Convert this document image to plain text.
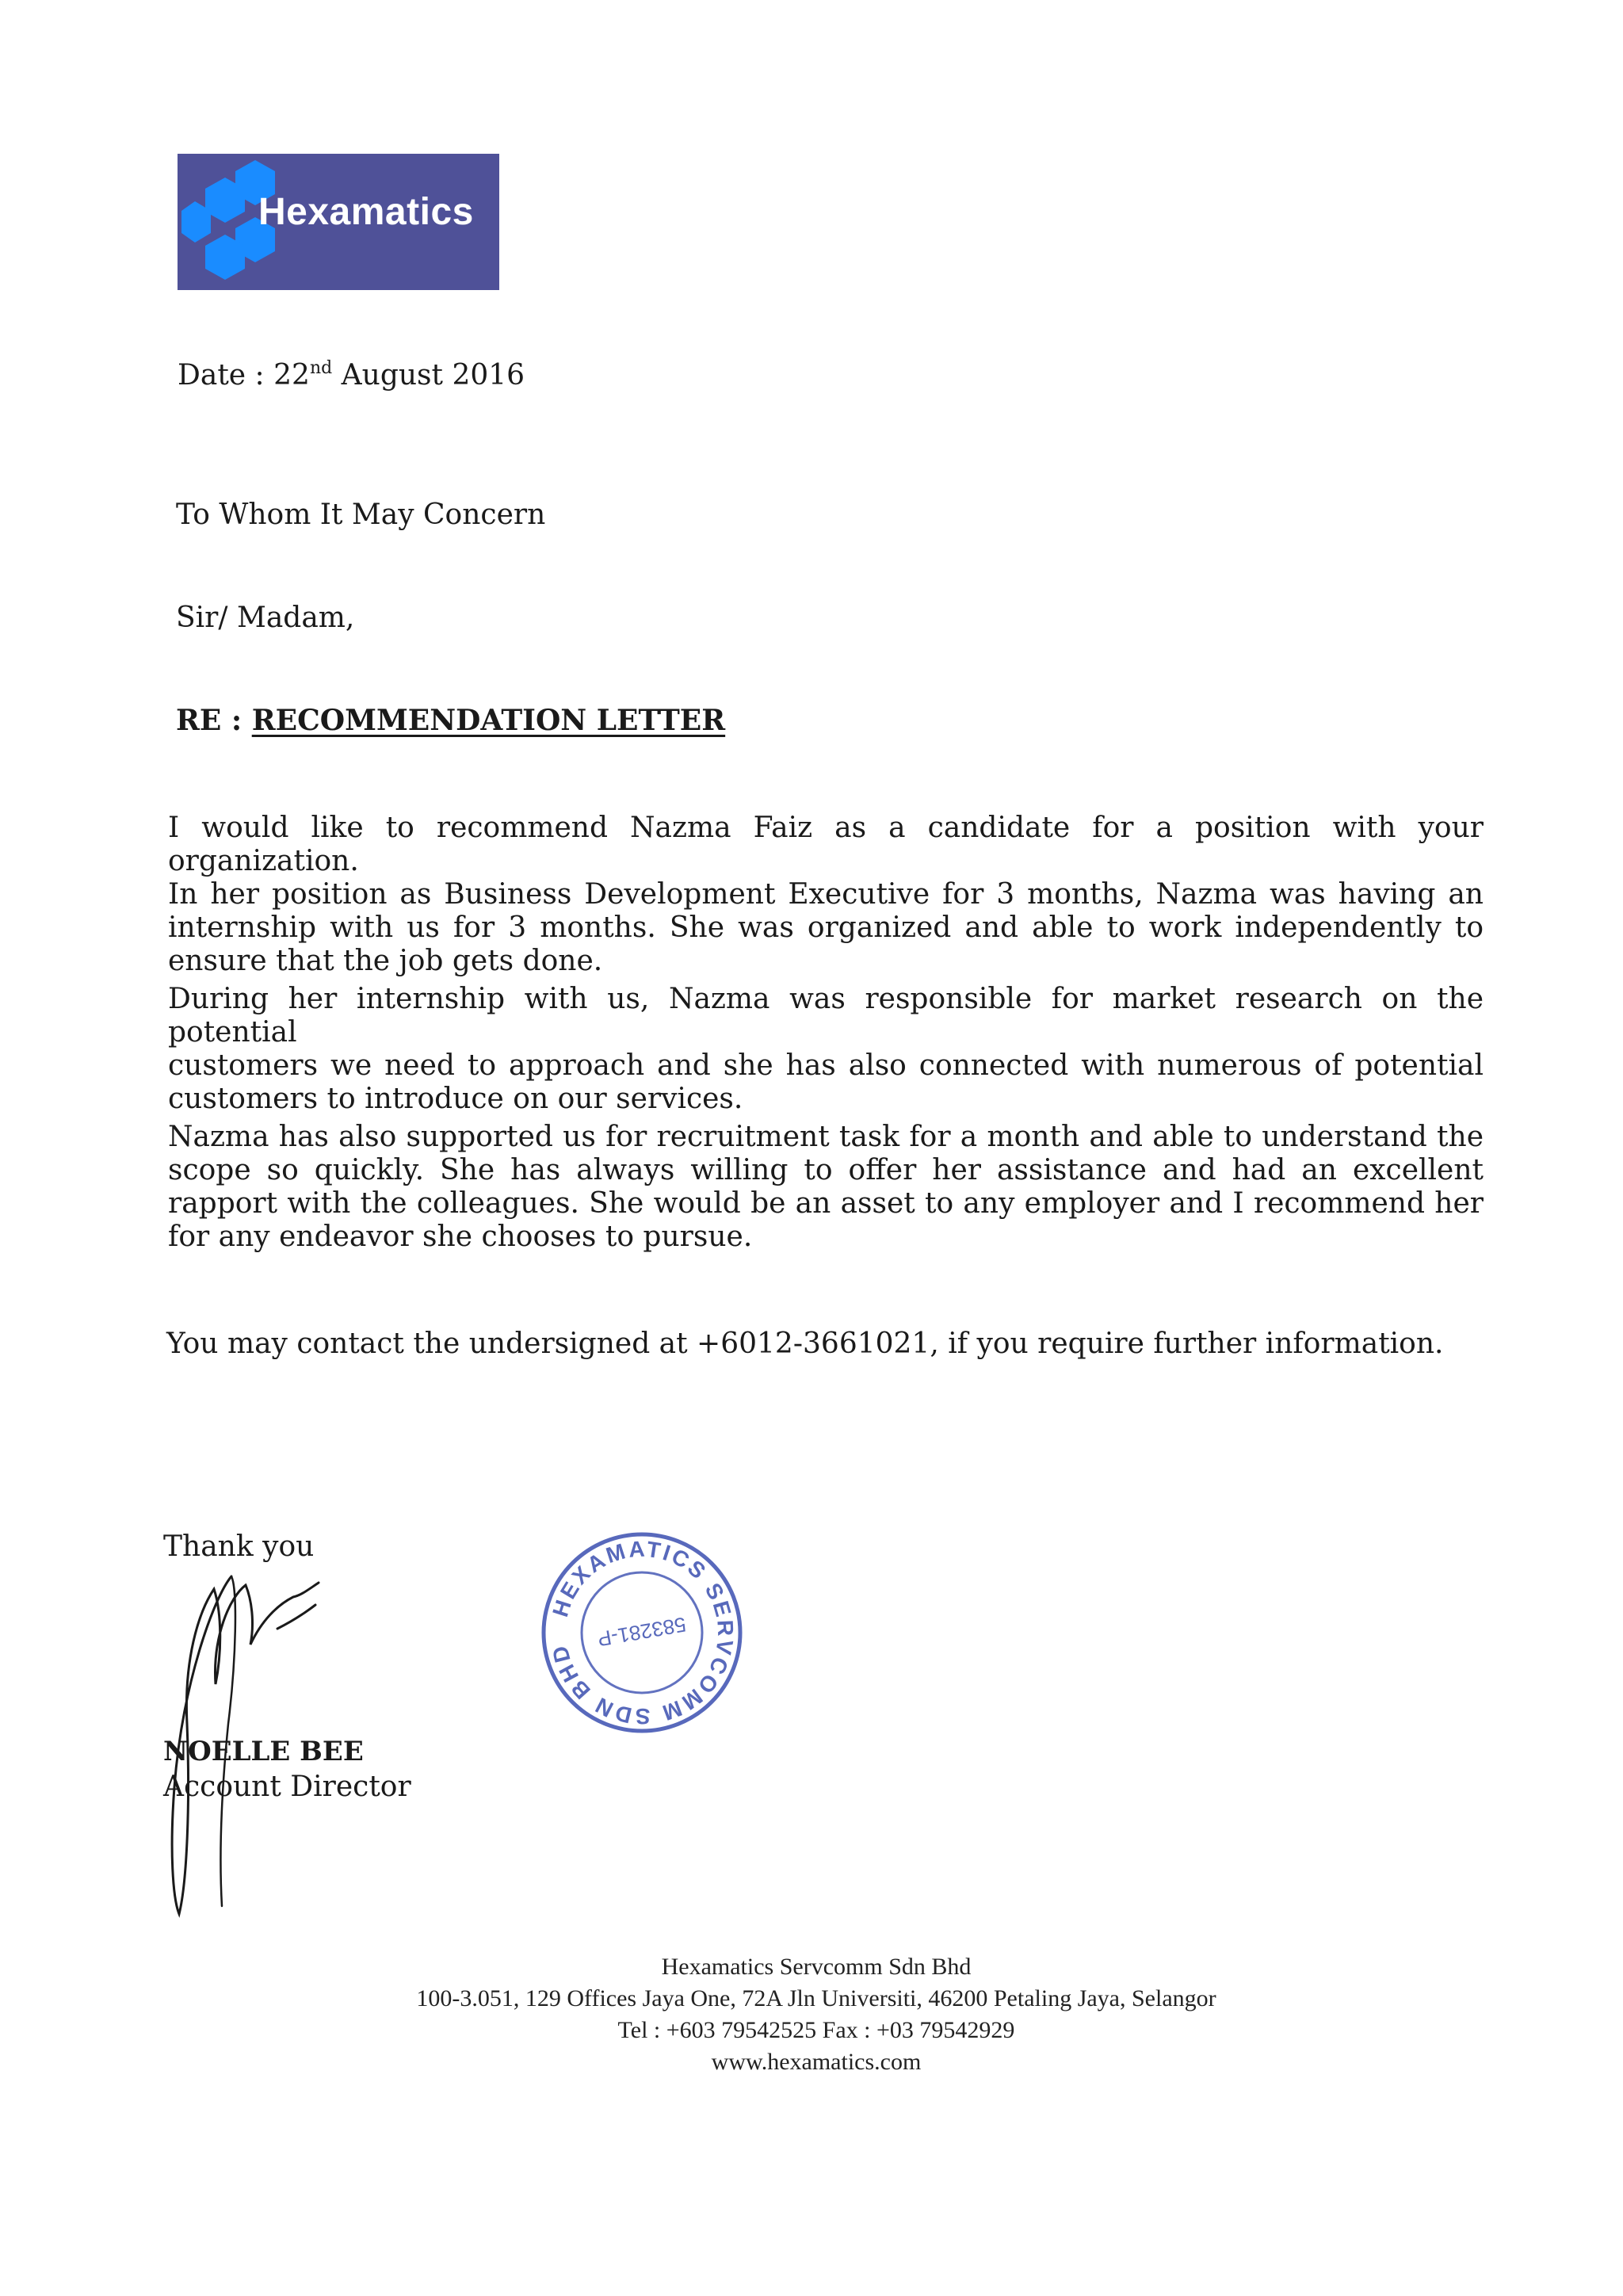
Hexamatics
Date : 22nd August 2016
To Whom It May Concern
Sir/ Madam,
RE : RECOMMENDATION LETTER
I would like to recommend Nazma Faiz as a candidate for a position with your organization.
In her position as Business Development Executive for 3 months, Nazma was having an
internship with us for 3 months. She was organized and able to work independently to
ensure that the job gets done.
During her internship with us, Nazma was responsible for market research on the potential
customers we need to approach and she has also connected with numerous of potential
customers to introduce on our services.
Nazma has also supported us for recruitment task for a month and able to understand the
scope so quickly. She has always willing to offer her assistance and had an excellent
rapport with the colleagues. She would be an asset to any employer and I recommend her
for any endeavor she chooses to pursue.
You may contact the undersigned at +6012-3661021, if you require further information.
Thank you
NOELLE BEE
Account Director
HEXAMATICS SERVCOMM SDN BHD
583281-P
Hexamatics Servcomm Sdn Bhd
100-3.051, 129 Offices Jaya One, 72A Jln Universiti, 46200 Petaling Jaya, Selangor
Tel : +603 79542525 Fax : +03 79542929
www.hexamatics.com
